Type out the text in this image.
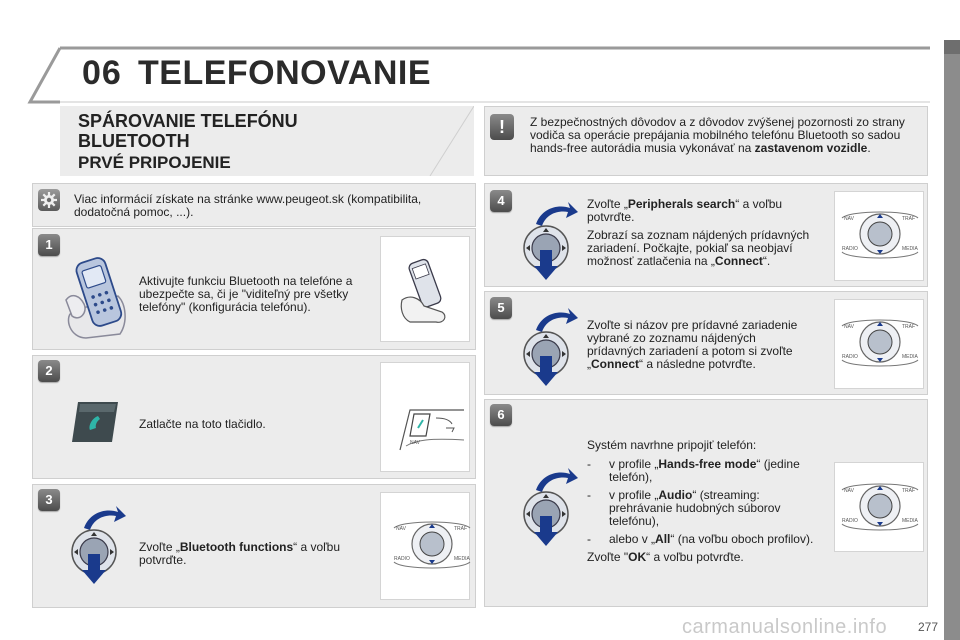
06 TELEFONOVANIE
SPÁROVANIE TELEFÓNU
BLUETOOTH
PRVÉ PRIPOJENIE
!	Z bezpečnostných dôvodov a z dôvodov zvýšenej pozornosti zo strany vodiča sa operácie prepájania mobilného telefónu Bluetooth so sadou hands-free autorádia musia vykonávať na zastavenom vozidle.
Viac informácií získate na stránke www.peugeot.sk (kompatibilita, dodatočná pomoc, ...).
1
Aktivujte funkciu Bluetooth na telefóne a ubezpečte sa, či je "viditeľný pre všetky telefóny" (konfigurácia telefónu).
2
Zatlačte na toto tlačidlo.
NAV
3
Zvoľte „Bluetooth functions“ a voľbu potvrďte.
NAV	TRAF
RADIO	MEDIA
4	Zvoľte „Peripherals search“ a voľbu potvrďte.
Zobrazí sa zoznam nájdených prídavných zariadení. Počkajte, pokiaľ sa neobjaví možnosť zatlačenia na „Connect“.
NAV	TRAF
RADIO	MEDIA
5
Zvoľte si názov pre prídavné zariadenie vybrané zo zoznamu nájdených prídavných zariadení a potom si zvoľte „Connect“ a následne potvrďte.
NAV	TRAF
RADIO	MEDIA
6
Systém navrhne pripojiť telefón:
-	v profile „Hands-free mode“ (jedine telefón),
-	v profile „Audio“ (streaming: prehrávanie hudobných súborov telefónu),
-	alebo v „All“ (na voľbu oboch profilov).
Zvoľte "OK“ a voľbu potvrďte.
NAV	TRAF
RADIO	MEDIA
carmanualsonline.info	277
